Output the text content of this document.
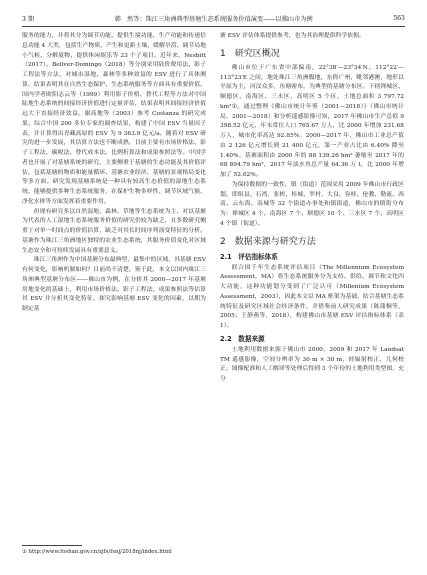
3 期	韩　然等：珠江三角洲典型基塘生态系统服务价值演变——以佛山市为例	563

服务的能力，并将其分为调节功能、提供生境功能、生产功能和传递信息功能 4 大类，包括生产物质、产生和更新土壤、缓解旱涝、调节局地小气候、分解废物、提供休闲娱乐等 23 个子项目。近年来，Nesbitt（2017）、Bellver-Domingo（2018）等分别采用陆价费用法、影子工程法等方法，对城市湿地、森林等多种效益的 ESV 进行了具体测算，结果表明其在自然生态保护、生态系统服务等方面具有重要价值。国内学者欧阳志云等（1999）利用影子价格、替代工程等方法对中国陆地生态系统的间接经济价值进行定量评估，结果表明其间接经济价值远大于直接经济效益。谢高地等（2003）参考 Costanza 的研究成果，综合中国 200 多位专家的调查结果，构建了中国 ESV 当量因子表，并计算得出青藏高原的 ESV 为 9 363.9 亿元/a。随着对 ESV 研究的进一步发展，其估算方法也不断成熟，目前主要有市场价格法、影子工程法、碳税法、替代成本法、比例折算法和成果参照法等。中国学者也开展了对基塘系统的研究，主要侧重于基塘的生态功能及其价值评估，包括基塘的物质和能量循环、基塘农业经济、基塘的景观格局变化等多方面。研究发现基塘系统是一种具有较高生态价值的湿地生态系统，能够提供多种生态系统服务，在保护生物多样性、调节区域气候、净化水体等方面发挥着重要作用。

但现有研究多以自然湿地、森林、草地等生态系统为主，对以基塘为代表的人工湿地生态系统服务价值的研究仍较为缺乏，且多数研究侧重于对单一时间点的价值估算，缺乏对其长时间序列演变特征的分析。基塘作为珠江三角洲地区独特的农业生态系统，其服务价值变化对区域生态安全和可持续发展具有重要意义。

珠江三角洲作为中国基塘分布最典型、最集中的区域，其基塘 ESV 有何变化，影响机制如何？目前尚不清楚。鉴于此，本文以国内珠江三角洲典型基塘分布区——佛山市为例，在分析其 2000—2017 年基塘用地变化的基础上，利用市场价格法、影子工程法、成果参照法等估算其 ESV 并分析其变化特征，探究影响基塘 ESV 变化的因素，以期为制定基

① http://www.foshan.gov.cn/zjfs/fsnj/2018nj/index.html

塘 ESV 评估体系提供参考，也为其治理提供科学依据。

1　研究区概况

佛山市位于广东省中部偏南，22°38′—23°34′N、112°22′—113°23′E 之间，地处珠江三角洲腹地，东倚广州，毗邻港澳，地形以平原为主，河汊众多，鱼塘密布，为典型的基塘分布区。下辖禅城区、顺德区、南海区、三水区、高明区 5 个区，土地总面积 3 797.72 km²①。通过整理《佛山市统计年鉴（2001—2018）》（佛山市统计局，2001—2018）和分析遥感影像可知，2017 年佛山市生产总值 9 398.52 亿元，年末常住人口 765.67 万人，比 2000 年增加 231.68 万人，城市化率高达 92.85%。2000—2017 年，佛山市工业总产值由 2 126 亿元增长到 21 400 亿元，第一产业占比由 6.40% 降至 1.40%。基塘面积由 2000 年的 88 139.26 hm² 萎缩至 2017 年的 68 894.79 hm²，2017 年淡水鱼总产量 64.36 万 t，比 2000 年增加了 52.62%。

为保持数据的一致性，镇（街道）范围采用 2009 年佛山市行政区划，即组县、石湾、张槎、桂城、罗村、大良、容桂、伦教、勒流、西南、云东海、南城等 32 个街道办事处和镇街道，佛山市的镇街分布为：禅城区 4 个、南海区 7 个、顺德区 10 个、三水区 7 个、高明区 4 个镇（街道）。

2　数据来源与研究方法
2.1　评估指标体系

联合国千年生态系统评估项目（The Millennium Ecosystem Assessment，MA）将生态系统服务分为支持、供给、调节和文化四大功能，这种功能划分受到了广泛认可（Millenium Ecosystem Assessment，2003），因此本文以 MA 框架为基础，结合基塘生态系统特征及研究区域社会经济条件，并借鉴前人研究成果（陈蒲桐等，2005；王静燕等，2018），构建佛山市基塘 ESV 评估指标体系（表 1）。

2.2　数据来源

土地利用数据来源于佛山市 2000、2009 和 2017 年 Landsat TM 遥感影像，空间分辨率为 30 m × 30 m，经辐射校正、几何校正、图像配准和人工解译等处理后得到 3 个年份的土地利用类型图，充分
